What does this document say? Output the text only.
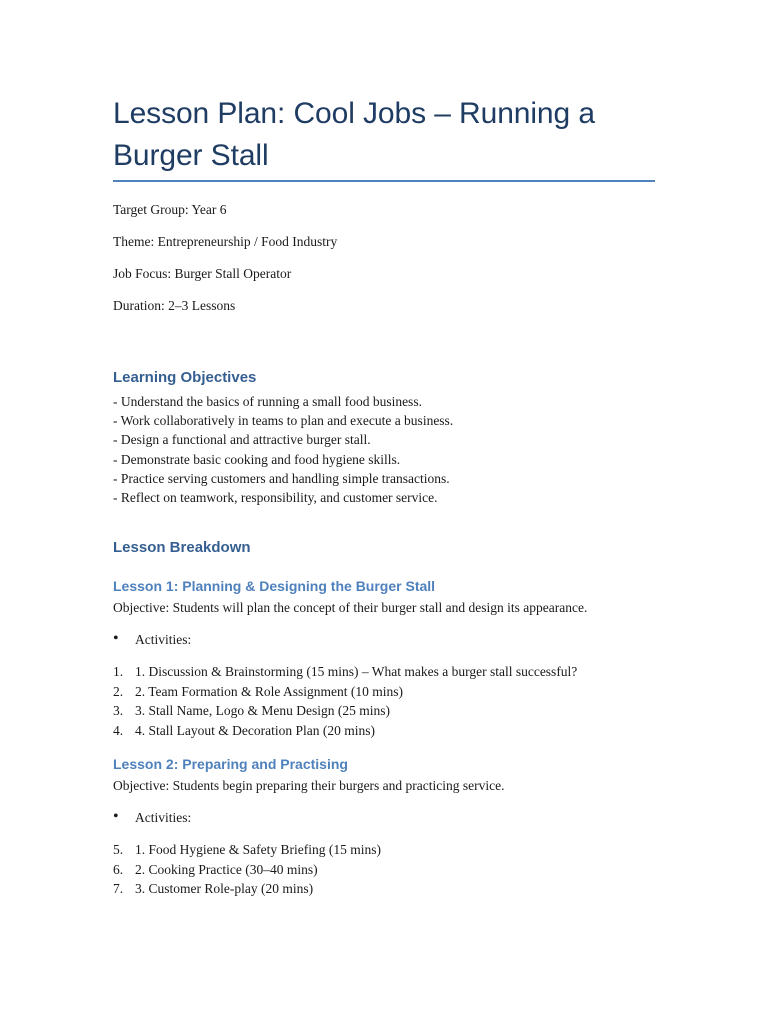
Lesson Plan: Cool Jobs – Running a Burger Stall

Target Group: Year 6

Theme: Entrepreneurship / Food Industry

Job Focus: Burger Stall Operator

Duration: 2–3 Lessons

Learning Objectives
- Understand the basics of running a small food business.
- Work collaboratively in teams to plan and execute a business.
- Design a functional and attractive burger stall.
- Demonstrate basic cooking and food hygiene skills.
- Practice serving customers and handling simple transactions.
- Reflect on teamwork, responsibility, and customer service.
Lesson Breakdown
Lesson 1: Planning & Designing the Burger Stall

Objective: Students will plan the concept of their burger stall and design its appearance.

• Activities:
1. 1. Discussion & Brainstorming (15 mins) – What makes a burger stall successful?
2. 2. Team Formation & Role Assignment (10 mins)
3. 3. Stall Name, Logo & Menu Design (25 mins)
4. 4. Stall Layout & Decoration Plan (20 mins)
Lesson 2: Preparing and Practising

Objective: Students begin preparing their burgers and practicing service.

• Activities:
5. 1. Food Hygiene & Safety Briefing (15 mins)
6. 2. Cooking Practice (30–40 mins)
7. 3. Customer Role-play (20 mins)
